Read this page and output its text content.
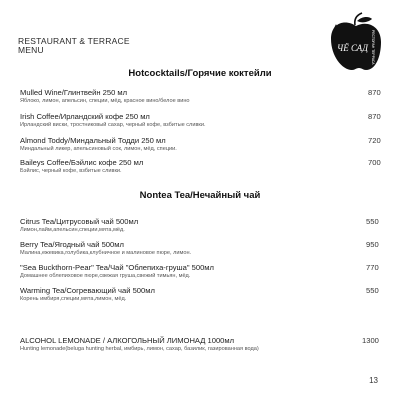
RESTAURANT & TERRACE
MENU	ЧЁ САД РЕСТОРАН ТЕРРАСА
Hotcocktails/Горячие коктейли
Mulled Wine/Глинтвейн 250 мл
Яблоко, лимон, апельсин, специи, мёд, красное вино/белое вино
870
Irish Coffee/Ирландский кофе 250 мл
Ирландский виски, тростниковый сахар, черный кофе, взбитые сливки.
870
Almond Toddy/Миндальный Тодди 250 мл
Миндальный ликер, апельсиновый сок, лимон, мёд, специи.
720
Baileys Coffee/Бэйлис кофе 250 мл
Бэйлис, черный кофе, взбитые сливки.
700
Nontea Tea/Нечайный чай
Citrus Tea/Цитрусовый чай 500мл
Лимон,лайм,апельсин,специи,мята,мёд.
550
Berry Tea/Ягодный чай 500мл
Малина,ежевика,голубика,клубничное и малиновое пюре, лимон.
950
"Sea Buckthorn-Pear" Tea/Чай "Облепиха-груша" 500мл
Домашнее облепиховое пюре,свежая груша,свежий тимьян, мёд.
770
Warming Tea/Согревающий чай 500мл
Корень имбиря,специи,мята,лимон, мёд.
550
ALCOHOL LEMONADE / АЛКОГОЛЬНЫЙ ЛИМОНАД 1000мл
Hunting lemonade(beluga hunting herbal, имбирь, лимон, сахар, базилик, газированная вода)
1300
13
